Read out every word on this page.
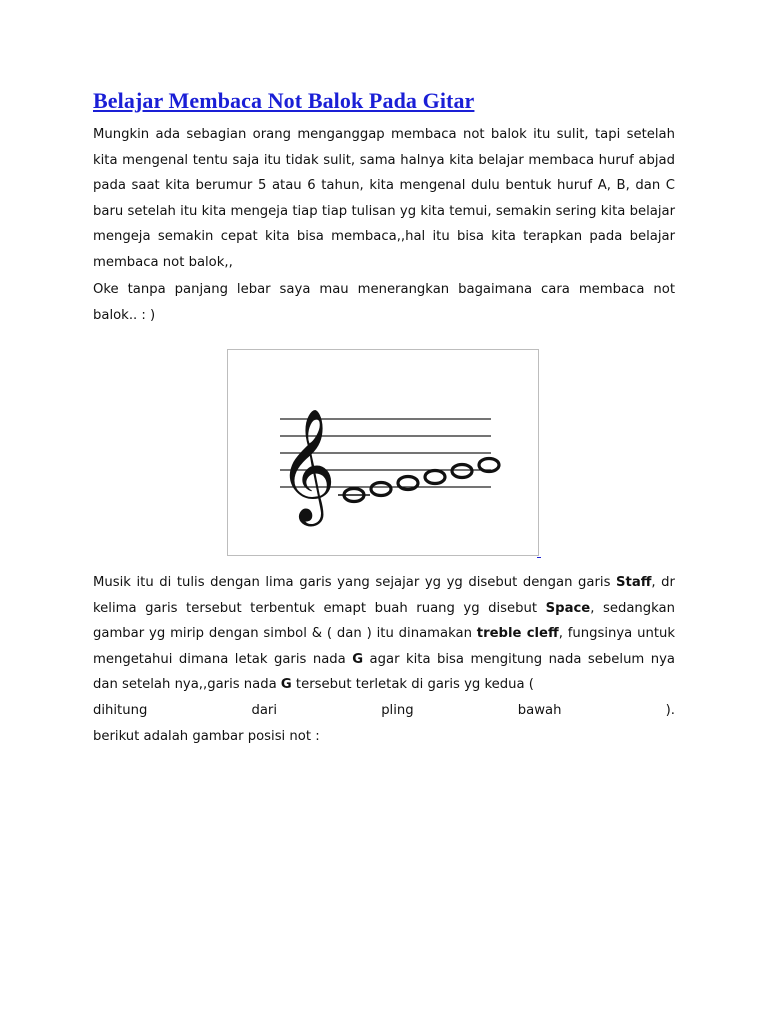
Belajar Membaca Not Balok Pada Gitar

Mungkin ada sebagian orang menganggap membaca not balok itu sulit, tapi setelah kita mengenal tentu saja itu tidak sulit, sama halnya kita belajar membaca huruf abjad pada saat kita berumur 5 atau 6 tahun, kita mengenal dulu bentuk huruf A, B, dan C baru setelah itu kita mengeja tiap tiap tulisan yg kita temui, semakin sering kita belajar mengeja semakin cepat kita bisa membaca,,hal itu bisa kita terapkan pada belajar membaca not balok,,

Oke tanpa panjang lebar saya mau menerangkan bagaimana cara membaca not balok.. : )

𝄞

Musik itu di tulis dengan lima garis yang sejajar yg yg disebut dengan garis Staff, dr kelima garis tersebut terbentuk emapt buah ruang yg disebut Space, sedangkan gambar yg mirip dengan simbol & ( dan ) itu dinamakan treble cleff, fungsinya untuk mengetahui dimana letak garis nada G agar kita bisa mengitung nada sebelum nya dan setelah nya,,garis nada G tersebut terletak di garis yg kedua (
dihitung	dari	pling	bawah	).

berikut adalah gambar posisi not :
